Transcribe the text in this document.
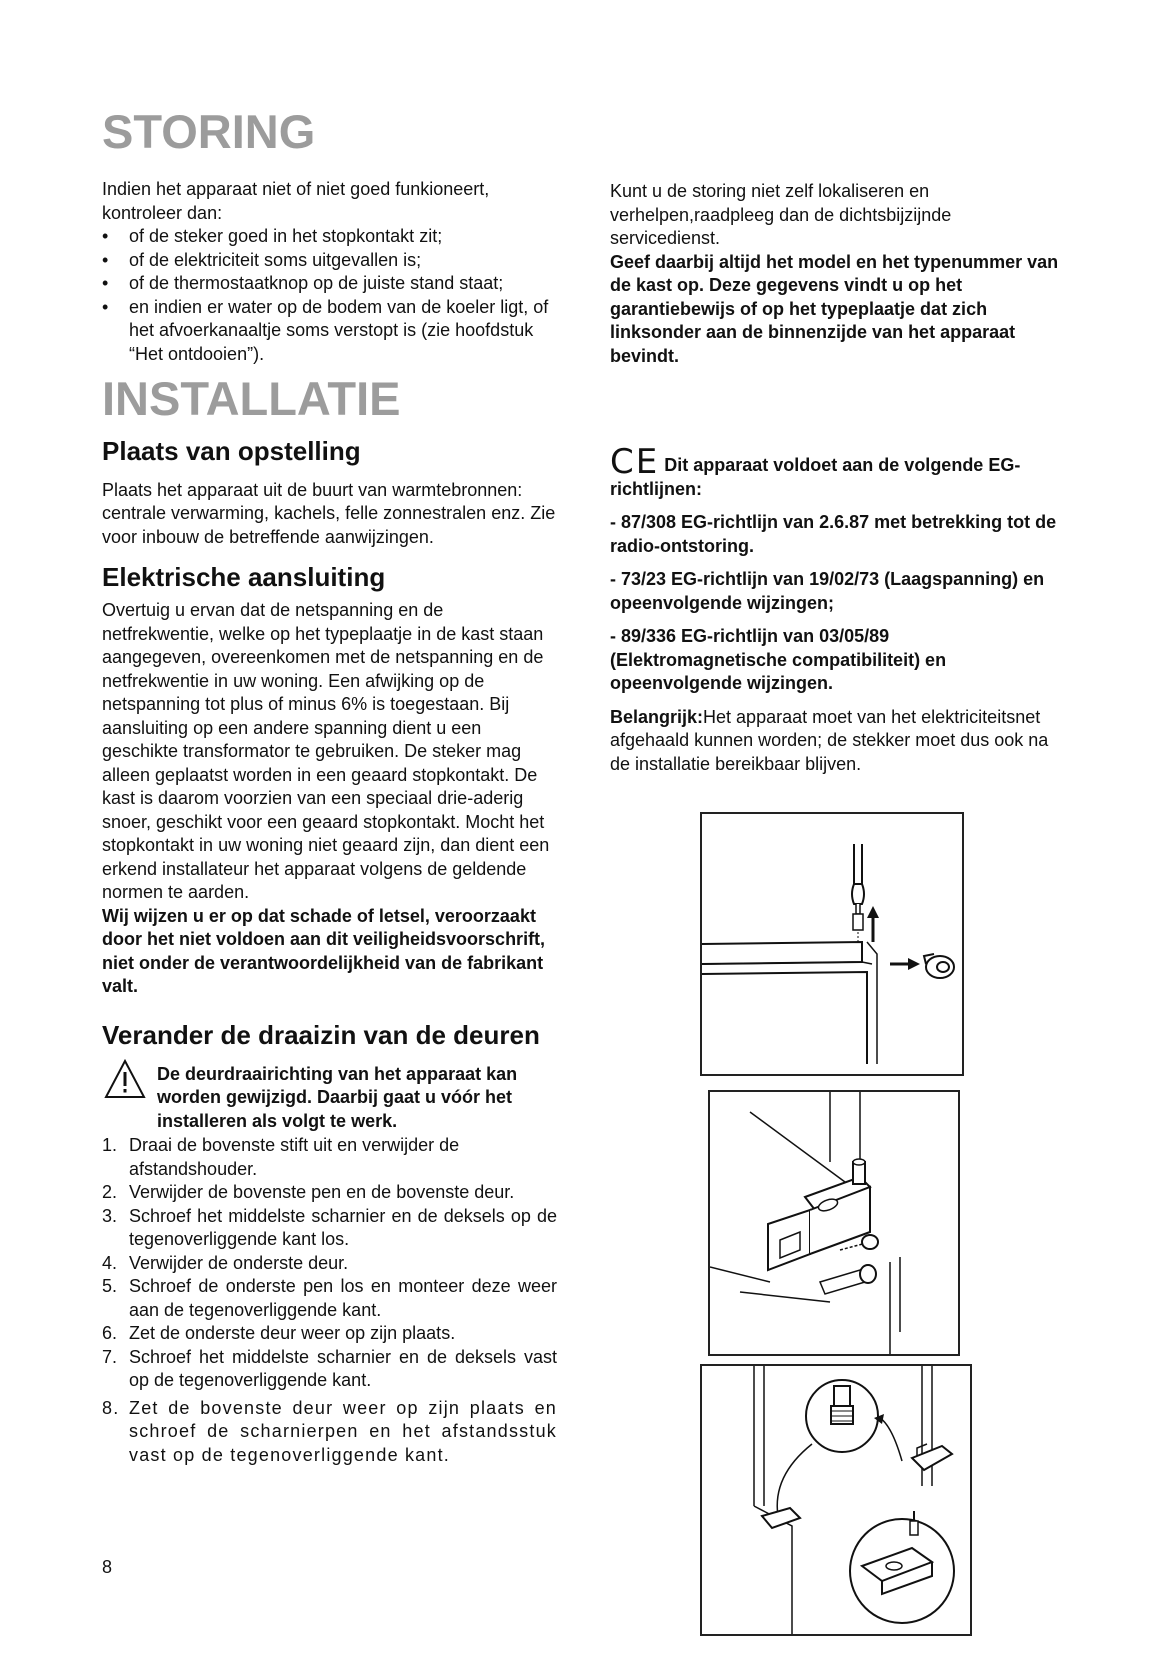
STORING

Indien het apparaat niet of niet goed funkioneert, kontroleer dan:

• of de steker goed in het stopkontakt zit;
• of de elektriciteit soms uitgevallen is;
• of de thermostaatknop op de juiste stand staat;
• en indien er water op de bodem van de koeler ligt, of het afvoerkanaaltje soms verstopt is (zie hoofdstuk “Het ontdooien”).

Kunt u de storing niet zelf lokaliseren en verhelpen,raadpleeg dan de dichtsbijzijnde servicedienst.

Geef daarbij altijd het model en het typenummer van de kast op. Deze gegevens vindt u op het garantiebewijs of op het typeplaatje dat zich linksonder aan de binnenzijde van het apparaat bevindt.

INSTALLATIE
Plaats van opstelling

Plaats het apparaat uit de buurt van warmtebronnen: centrale verwarming, kachels, felle zonnestralen enz. Zie voor inbouw de betreffende aanwijzingen.

Elektrische aansluiting

Overtuig u ervan dat de netspanning en de netfrekwentie, welke op het typeplaatje in de kast staan aangegeven, overeenkomen met de netspanning en de netfrekwentie in uw woning. Een afwijking op de netspanning tot plus of minus 6% is toegestaan. Bij aansluiting op een andere spanning dient u een geschikte transformator te gebruiken. De steker mag alleen geplaatst worden in een geaard stopkontakt. De kast is daarom voorzien van een speciaal drie-aderig snoer, geschikt voor een geaard stopkontakt. Mocht het stopkontakt in uw woning niet geaard zijn, dan dient een erkend installateur het apparaat volgens de geldende normen te aarden.

Wij wijzen u er op dat schade of letsel, veroorzaakt door het niet voldoen aan dit veiligheidsvoorschrift, niet onder de verantwoordelijkheid van de fabrikant valt.

Verander de draaizin van de deuren

De deurdraairichting van het apparaat kan worden gewijzigd. Daarbij gaat u vóór het installeren als volgt te werk.

1. Draai de bovenste stift uit en verwijder de afstandshouder.
2. Verwijder de bovenste pen en de bovenste deur.
3. Schroef het middelste scharnier en de deksels op de tegenoverliggende kant los.
4. Verwijder de onderste deur.
5. Schroef de onderste pen los en monteer deze weer aan de tegenoverliggende kant.
6. Zet de onderste deur weer op zijn plaats.
7. Schroef het middelste scharnier en de deksels vast op de tegenoverliggende kant.
8. Zet de bovenste deur weer op zijn plaats en schroef de scharnierpen en het afstandsstuk vast op de tegenoverliggende kant.

CE Dit apparaat voldoet aan de volgende EG-richtlijnen:

- 87/308 EG-richtlijn van 2.6.87 met betrekking tot de radio-ontstoring.

- 73/23 EG-richtlijn van 19/02/73 (Laagspanning) en opeenvolgende wijzingen;

- 89/336 EG-richtlijn van 03/05/89 (Elektromagnetische compatibiliteit) en opeenvolgende wijzingen.

Belangrijk:Het apparaat moet van het elektriciteitsnet afgehaald kunnen worden; de stekker moet dus ook na de installatie bereikbaar blijven.

8
